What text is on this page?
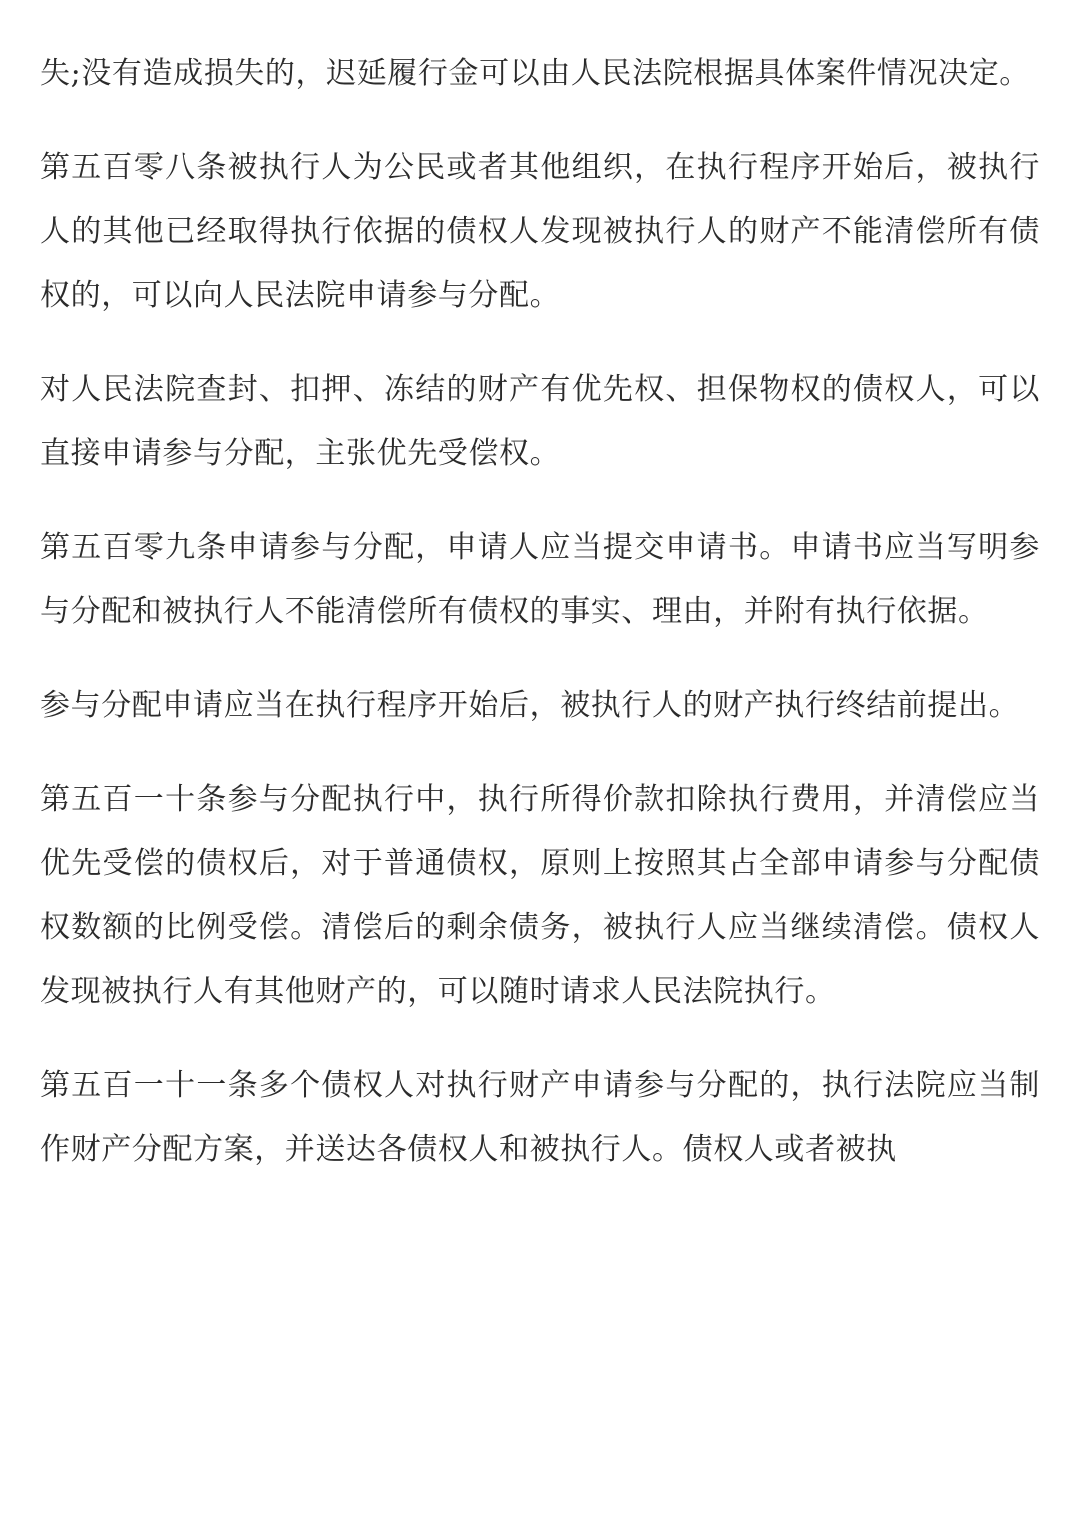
失;没有造成损失的，迟延履行金可以由人民法院根据具体案件情况决定。

第五百零八条被执行人为公民或者其他组织，在执行程序开始后，被执行人的其他已经取得执行依据的债权人发现被执行人的财产不能清偿所有债权的，可以向人民法院申请参与分配。

对人民法院查封、扣押、冻结的财产有优先权、担保物权的债权人，可以直接申请参与分配，主张优先受偿权。

第五百零九条申请参与分配，申请人应当提交申请书。申请书应当写明参与分配和被执行人不能清偿所有债权的事实、理由，并附有执行依据。

参与分配申请应当在执行程序开始后，被执行人的财产执行终结前提出。

第五百一十条参与分配执行中，执行所得价款扣除执行费用，并清偿应当优先受偿的债权后，对于普通债权，原则上按照其占全部申请参与分配债权数额的比例受偿。清偿后的剩余债务，被执行人应当继续清偿。债权人发现被执行人有其他财产的，可以随时请求人民法院执行。

第五百一十一条多个债权人对执行财产申请参与分配的，执行法院应当制作财产分配方案，并送达各债权人和被执行人。债权人或者被执
